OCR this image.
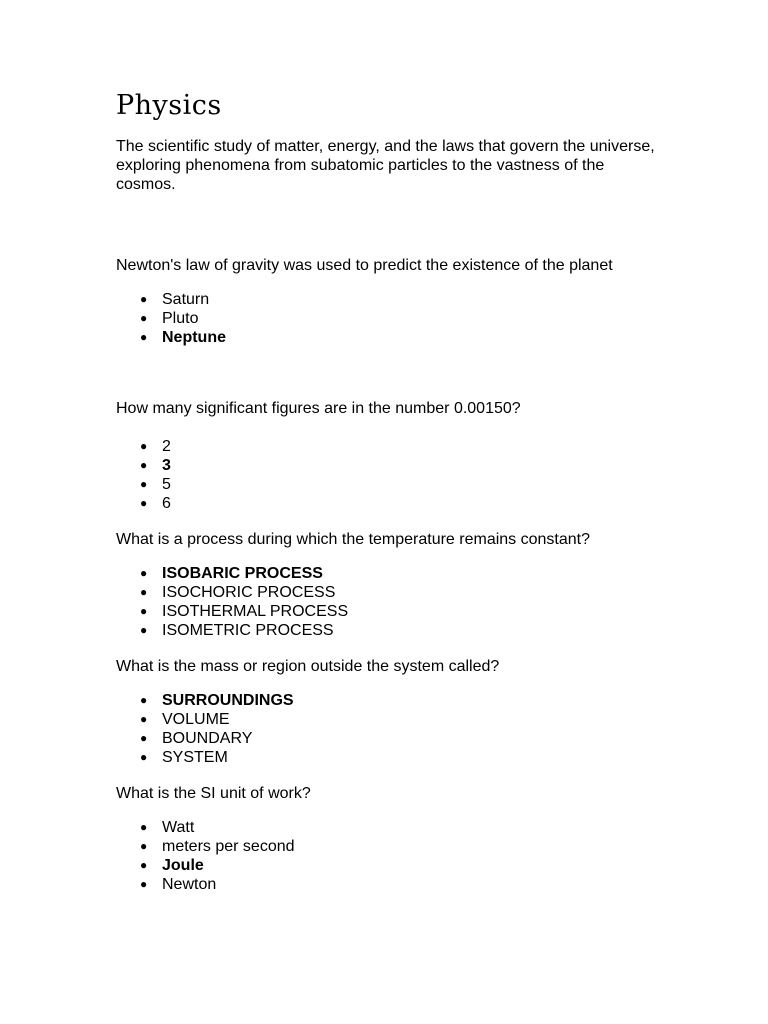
Physics

The scientific study of matter, energy, and the laws that govern the universe, exploring phenomena from subatomic particles to the vastness of the cosmos.

Newton's law of gravity was used to predict the existence of the planet

● Saturn
● Pluto
● Neptune

How many significant figures are in the number 0.00150?

● 2
● 3
● 5
● 6

What is a process during which the temperature remains constant?

● ISOBARIC PROCESS
● ISOCHORIC PROCESS
● ISOTHERMAL PROCESS
● ISOMETRIC PROCESS

What is the mass or region outside the system called?

● SURROUNDINGS
● VOLUME
● BOUNDARY
● SYSTEM

What is the SI unit of work?

● Watt
● meters per second
● Joule
● Newton
